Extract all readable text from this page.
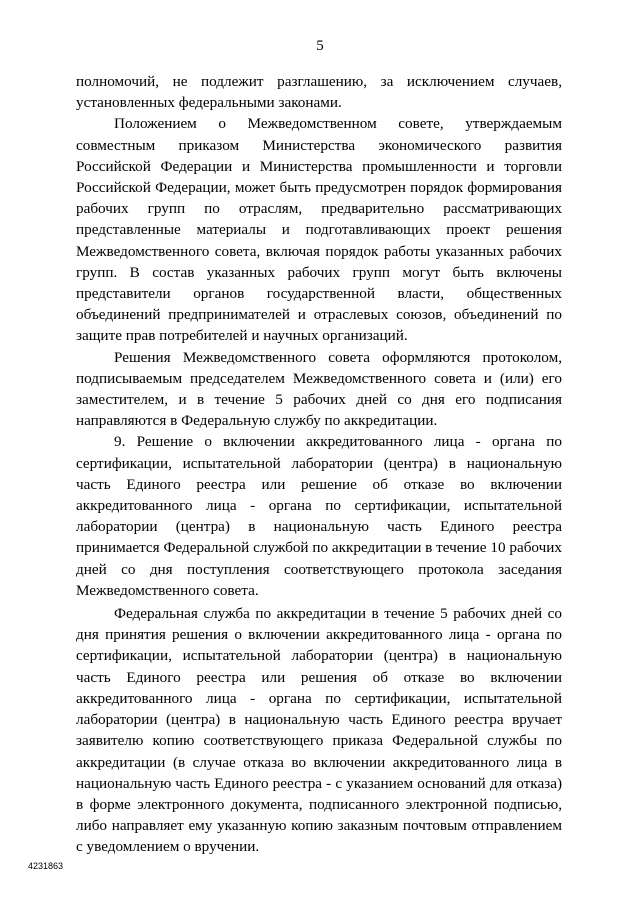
5

полномочий, не подлежит разглашению, за исключением случаев, установленных федеральными законами.

Положением о Межведомственном совете, утверждаемым совместным приказом Министерства экономического развития Российской Федерации и Министерства промышленности и торговли Российской Федерации, может быть предусмотрен порядок формирования рабочих групп по отраслям, предварительно рассматривающих представленные материалы и подготавливающих проект решения Межведомственного совета, включая порядок работы указанных рабочих групп. В состав указанных рабочих групп могут быть включены представители органов государственной власти, общественных объединений предпринимателей и отраслевых союзов, объединений по защите прав потребителей и научных организаций.

Решения Межведомственного совета оформляются протоколом, подписываемым председателем Межведомственного совета и (или) его заместителем, и в течение 5 рабочих дней со дня его подписания направляются в Федеральную службу по аккредитации.

9. Решение о включении аккредитованного лица - органа по сертификации, испытательной лаборатории (центра) в национальную часть Единого реестра или решение об отказе во включении аккредитованного лица - органа по сертификации, испытательной лаборатории (центра) в национальную часть Единого реестра принимается Федеральной службой по аккредитации в течение 10 рабочих дней со дня поступления соответствующего протокола заседания Межведомственного совета.

Федеральная служба по аккредитации в течение 5 рабочих дней со дня принятия решения о включении аккредитованного лица - органа по сертификации, испытательной лаборатории (центра) в национальную часть Единого реестра или решения об отказе во включении аккредитованного лица - органа по сертификации, испытательной лаборатории (центра) в национальную часть Единого реестра вручает заявителю копию соответствующего приказа Федеральной службы по аккредитации (в случае отказа во включении аккредитованного лица в национальную часть Единого реестра - с указанием оснований для отказа) в форме электронного документа, подписанного электронной подписью, либо направляет ему указанную копию заказным почтовым отправлением с уведомлением о вручении.

4231863
